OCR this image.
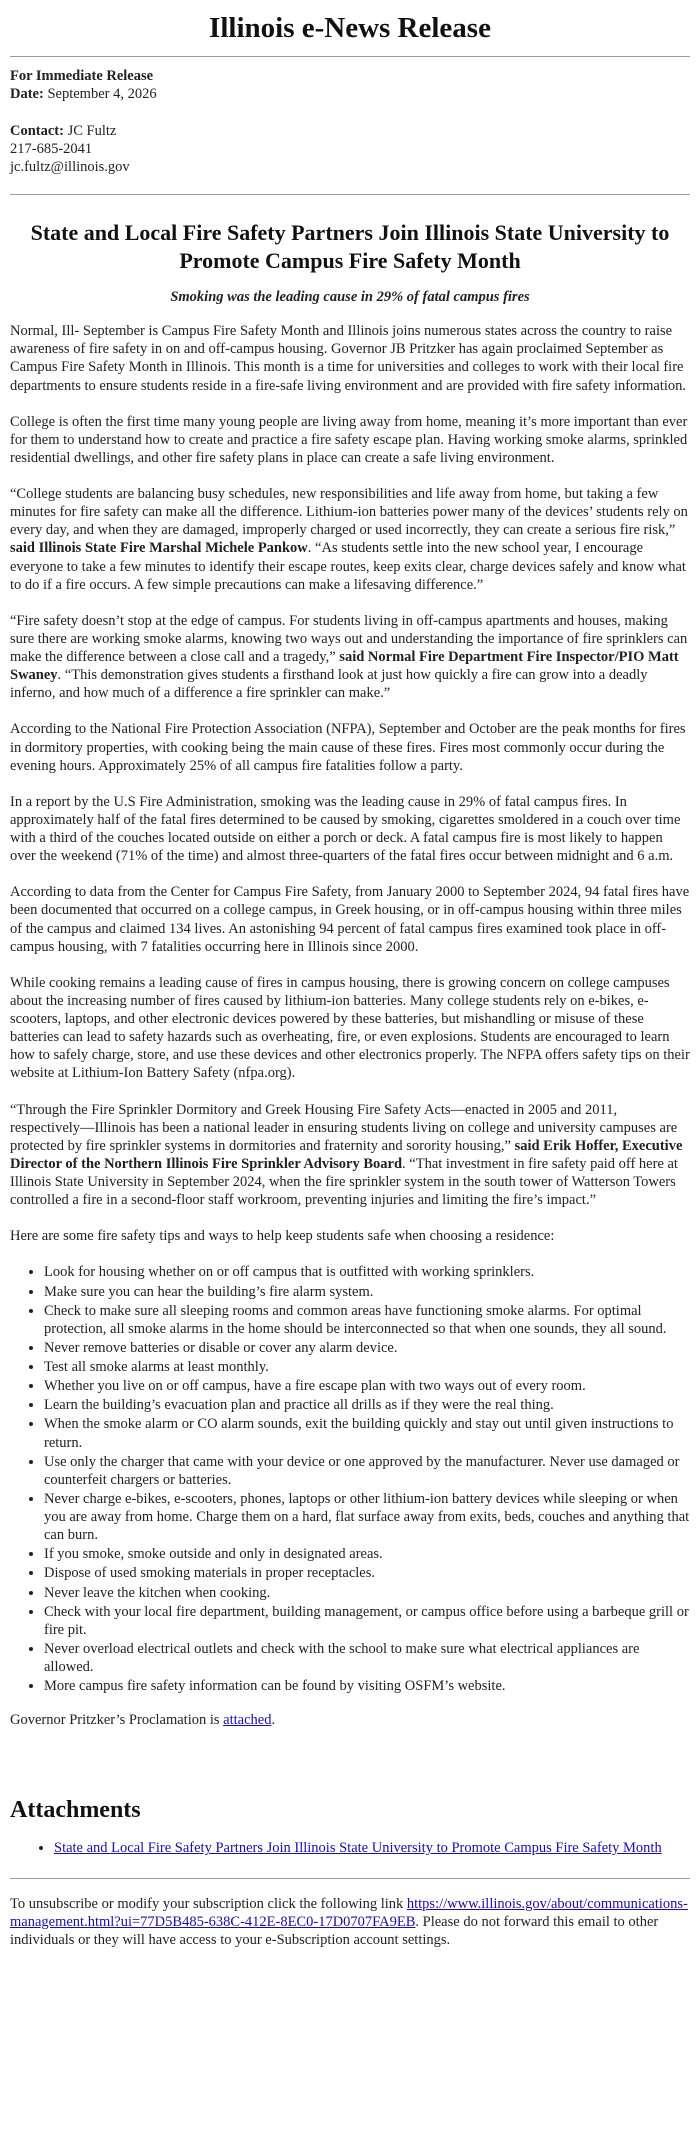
Illinois e-News Release

For Immediate Release

Date: September 4, 2026

Contact: JC Fultz

217-685-2041

jc.fultz@illinois.gov

State and Local Fire Safety Partners Join Illinois State University to Promote Campus Fire Safety Month
Smoking was the leading cause in 29% of fatal campus fires

Normal, Ill- September is Campus Fire Safety Month and Illinois joins numerous states across the country to raise awareness of fire safety in on and off-campus housing. Governor JB Pritzker has again proclaimed September as Campus Fire Safety Month in Illinois. This month is a time for universities and colleges to work with their local fire departments to ensure students reside in a fire-safe living environment and are provided with fire safety information.

College is often the first time many young people are living away from home, meaning it’s more important than ever for them to understand how to create and practice a fire safety escape plan. Having working smoke alarms, sprinkled residential dwellings, and other fire safety plans in place can create a safe living environment.

“College students are balancing busy schedules, new responsibilities and life away from home, but taking a few minutes for fire safety can make all the difference. Lithium-ion batteries power many of the devices’ students rely on every day, and when they are damaged, improperly charged or used incorrectly, they can create a serious fire risk,” said Illinois State Fire Marshal Michele Pankow. “As students settle into the new school year, I encourage everyone to take a few minutes to identify their escape routes, keep exits clear, charge devices safely and know what to do if a fire occurs. A few simple precautions can make a lifesaving difference.”

“Fire safety doesn’t stop at the edge of campus. For students living in off-campus apartments and houses, making sure there are working smoke alarms, knowing two ways out and understanding the importance of fire sprinklers can make the difference between a close call and a tragedy,” said Normal Fire Department Fire Inspector/PIO Matt Swaney. “This demonstration gives students a firsthand look at just how quickly a fire can grow into a deadly inferno, and how much of a difference a fire sprinkler can make.”

According to the National Fire Protection Association (NFPA), September and October are the peak months for fires in dormitory properties, with cooking being the main cause of these fires. Fires most commonly occur during the evening hours. Approximately 25% of all campus fire fatalities follow a party.

In a report by the U.S Fire Administration, smoking was the leading cause in 29% of fatal campus fires. In approximately half of the fatal fires determined to be caused by smoking, cigarettes smoldered in a couch over time with a third of the couches located outside on either a porch or deck. A fatal campus fire is most likely to happen over the weekend (71% of the time) and almost three-quarters of the fatal fires occur between midnight and 6 a.m.

According to data from the Center for Campus Fire Safety, from January 2000 to September 2024, 94 fatal fires have been documented that occurred on a college campus, in Greek housing, or in off-campus housing within three miles of the campus and claimed 134 lives. An astonishing 94 percent of fatal campus fires examined took place in off-campus housing, with 7 fatalities occurring here in Illinois since 2000.

While cooking remains a leading cause of fires in campus housing, there is growing concern on college campuses about the increasing number of fires caused by lithium-ion batteries. Many college students rely on e-bikes, e-scooters, laptops, and other electronic devices powered by these batteries, but mishandling or misuse of these batteries can lead to safety hazards such as overheating, fire, or even explosions. Students are encouraged to learn how to safely charge, store, and use these devices and other electronics properly. The NFPA offers safety tips on their website at Lithium-Ion Battery Safety (nfpa.org).

“Through the Fire Sprinkler Dormitory and Greek Housing Fire Safety Acts—enacted in 2005 and 2011, respectively—Illinois has been a national leader in ensuring students living on college and university campuses are protected by fire sprinkler systems in dormitories and fraternity and sorority housing,” said Erik Hoffer, Executive Director of the Northern Illinois Fire Sprinkler Advisory Board. “That investment in fire safety paid off here at Illinois State University in September 2024, when the fire sprinkler system in the south tower of Watterson Towers controlled a fire in a second-floor staff workroom, preventing injuries and limiting the fire’s impact.”

Here are some fire safety tips and ways to help keep students safe when choosing a residence:

• Look for housing whether on or off campus that is outfitted with working sprinklers.
• Make sure you can hear the building’s fire alarm system.
• Check to make sure all sleeping rooms and common areas have functioning smoke alarms. For optimal protection, all smoke alarms in the home should be interconnected so that when one sounds, they all sound.
• Never remove batteries or disable or cover any alarm device.
• Test all smoke alarms at least monthly.
• Whether you live on or off campus, have a fire escape plan with two ways out of every room.
• Learn the building’s evacuation plan and practice all drills as if they were the real thing.
• When the smoke alarm or CO alarm sounds, exit the building quickly and stay out until given instructions to return.
• Use only the charger that came with your device or one approved by the manufacturer. Never use damaged or counterfeit chargers or batteries.
• Never charge e-bikes, e-scooters, phones, laptops or other lithium-ion battery devices while sleeping or when you are away from home. Charge them on a hard, flat surface away from exits, beds, couches and anything that can burn.
• If you smoke, smoke outside and only in designated areas.
• Dispose of used smoking materials in proper receptacles.
• Never leave the kitchen when cooking.
• Check with your local fire department, building management, or campus office before using a barbeque grill or fire pit.
• Never overload electrical outlets and check with the school to make sure what electrical appliances are allowed.
• More campus fire safety information can be found by visiting OSFM’s website.

Governor Pritzker’s Proclamation is attached.

Attachments
• State and Local Fire Safety Partners Join Illinois State University to Promote Campus Fire Safety Month
To unsubscribe or modify your subscription click the following link https://www.illinois.gov/about/communications-management.html?ui=77D5B485-638C-412E-8EC0-17D0707FA9EB. Please do not forward this email to other individuals or they will have access to your e-Subscription account settings.
